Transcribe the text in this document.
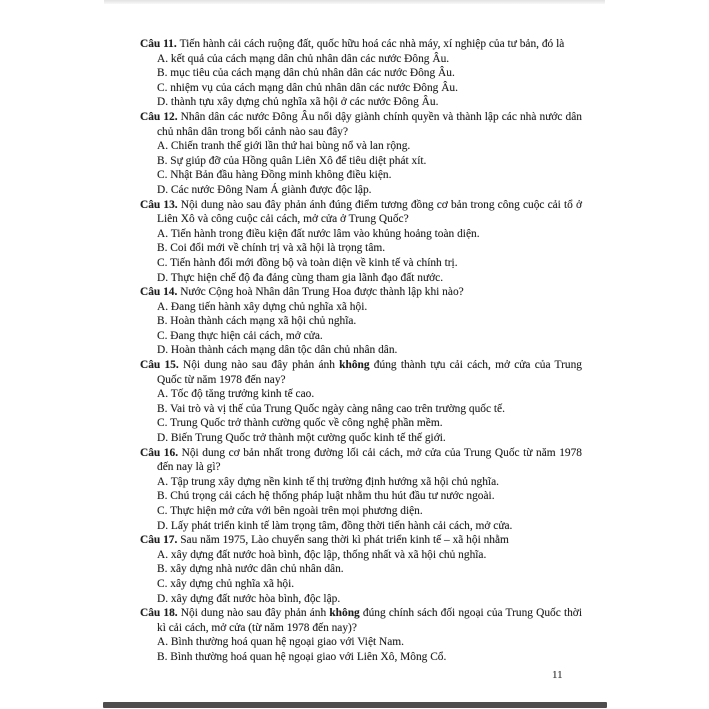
Câu 11. Tiến hành cải cách ruộng đất, quốc hữu hoá các nhà máy, xí nghiệp của tư bản, đó là

A. kết quả của cách mạng dân chủ nhân dân các nước Đông Âu.
B. mục tiêu của cách mạng dân chủ nhân dân các nước Đông Âu.
C. nhiệm vụ của cách mạng dân chủ nhân dân các nước Đông Âu.
D. thành tựu xây dựng chủ nghĩa xã hội ở các nước Đông Âu.

Câu 12. Nhân dân các nước Đông Âu nổi dậy giành chính quyền và thành lập các nhà nước dân chủ nhân dân trong bối cảnh nào sau đây?

A. Chiến tranh thế giới lần thứ hai bùng nổ và lan rộng.
B. Sự giúp đỡ của Hồng quân Liên Xô để tiêu diệt phát xít.
C. Nhật Bản đầu hàng Đồng minh không điều kiện.
D. Các nước Đông Nam Á giành được độc lập.

Câu 13. Nội dung nào sau đây phản ánh đúng điểm tương đồng cơ bản trong công cuộc cải tổ ở Liên Xô và công cuộc cải cách, mở cửa ở Trung Quốc?

A. Tiến hành trong điều kiện đất nước lâm vào khủng hoảng toàn diện.
B. Coi đổi mới về chính trị và xã hội là trọng tâm.
C. Tiến hành đổi mới đồng bộ và toàn diện về kinh tế và chính trị.
D. Thực hiện chế độ đa đảng cùng tham gia lãnh đạo đất nước.

Câu 14. Nước Cộng hoà Nhân dân Trung Hoa được thành lập khi nào?

A. Đang tiến hành xây dựng chủ nghĩa xã hội.
B. Hoàn thành cách mạng xã hội chủ nghĩa.
C. Đang thực hiện cải cách, mở cửa.
D. Hoàn thành cách mạng dân tộc dân chủ nhân dân.

Câu 15. Nội dung nào sau đây phản ánh không đúng thành tựu cải cách, mở cửa của Trung Quốc từ năm 1978 đến nay?

A. Tốc độ tăng trưởng kinh tế cao.
B. Vai trò và vị thế của Trung Quốc ngày càng nâng cao trên trường quốc tế.
C. Trung Quốc trở thành cường quốc về công nghệ phần mềm.
D. Biến Trung Quốc trở thành một cường quốc kinh tế thế giới.

Câu 16. Nội dung cơ bản nhất trong đường lối cải cách, mở cửa của Trung Quốc từ năm 1978 đến nay là gì?

A. Tập trung xây dựng nền kinh tế thị trường định hướng xã hội chủ nghĩa.
B. Chú trọng cải cách hệ thống pháp luật nhằm thu hút đầu tư nước ngoài.
C. Thực hiện mở cửa với bên ngoài trên mọi phương diện.
D. Lấy phát triển kinh tế làm trọng tâm, đồng thời tiến hành cải cách, mở cửa.

Câu 17. Sau năm 1975, Lào chuyển sang thời kì phát triển kinh tế – xã hội nhằm

A. xây dựng đất nước hoà bình, độc lập, thống nhất và xã hội chủ nghĩa.
B. xây dựng nhà nước dân chủ nhân dân.
C. xây dựng chủ nghĩa xã hội.
D. xây dựng đất nước hòa bình, độc lập.

Câu 18. Nội dung nào sau đây phản ánh không đúng chính sách đối ngoại của Trung Quốc thời kì cải cách, mở cửa (từ năm 1978 đến nay)?

A. Bình thường hoá quan hệ ngoại giao với Việt Nam.
B. Bình thường hoá quan hệ ngoại giao với Liên Xô, Mông Cổ.
11
